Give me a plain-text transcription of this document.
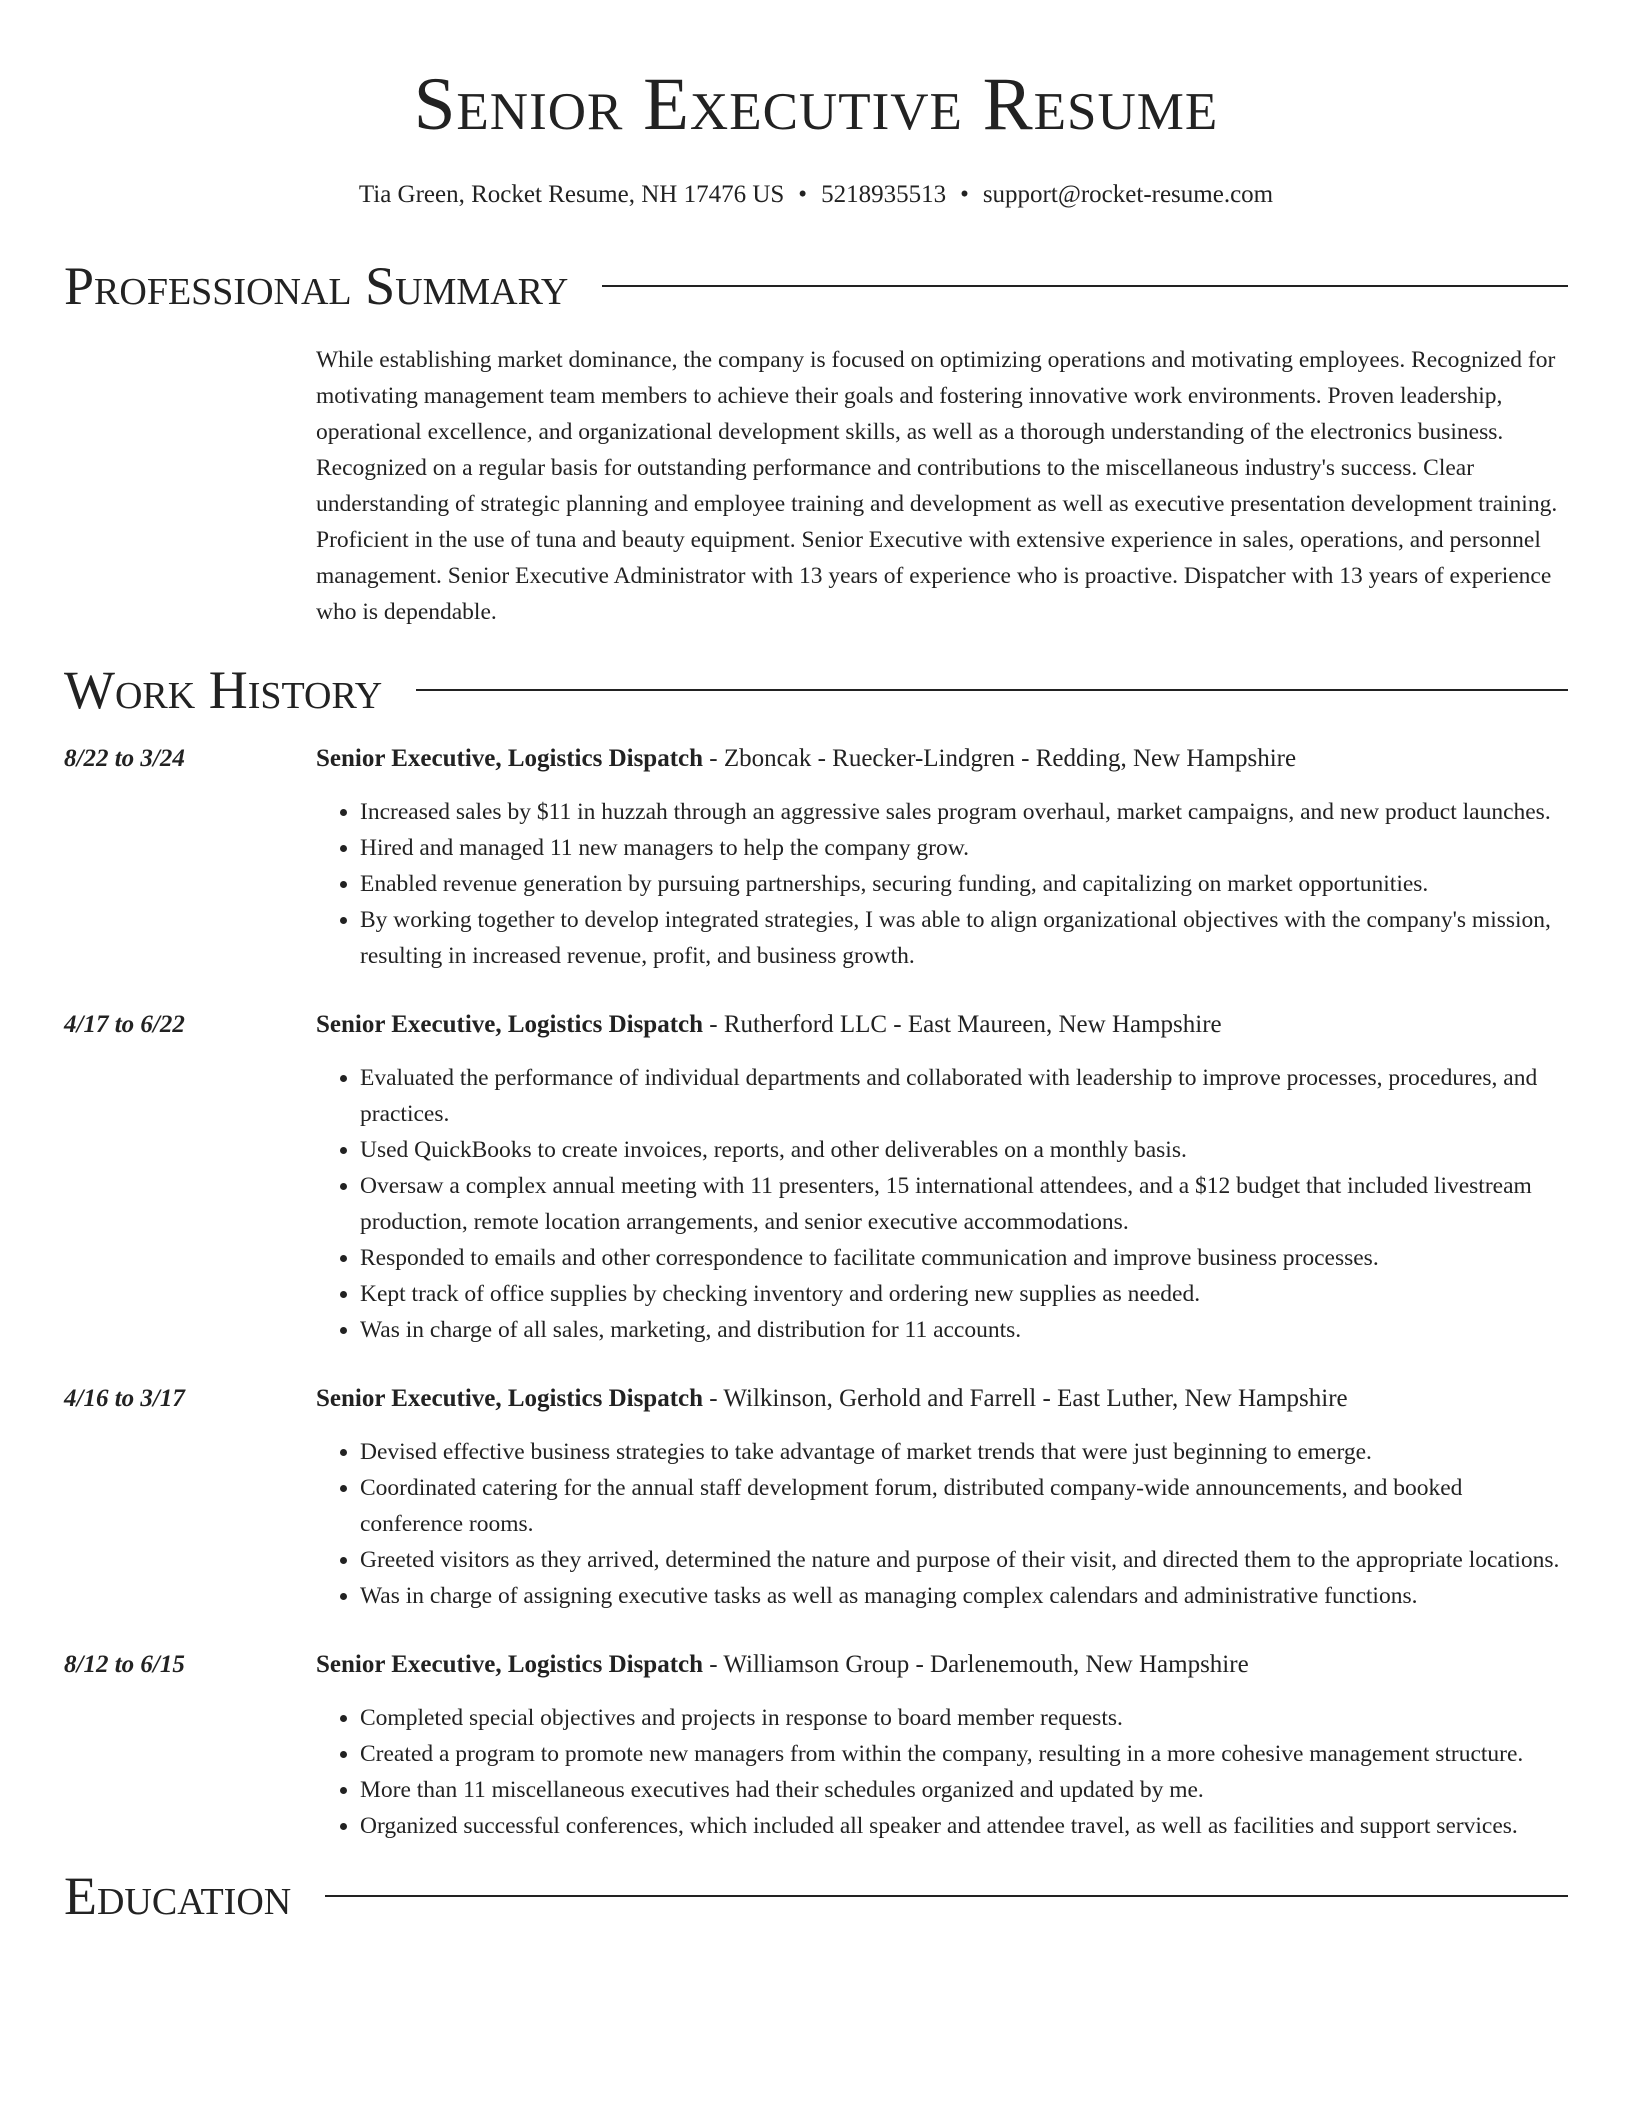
Senior Executive Resume
Tia Green, Rocket Resume, NH 17476 US • 5218935513 • support@rocket-resume.com
Professional Summary
While establishing market dominance, the company is focused on optimizing operations and motivating employees. Recognized for motivating management team members to achieve their goals and fostering innovative work environments. Proven leadership, operational excellence, and organizational development skills, as well as a thorough understanding of the electronics business. Recognized on a regular basis for outstanding performance and contributions to the miscellaneous industry's success. Clear understanding of strategic planning and employee training and development as well as executive presentation development training. Proficient in the use of tuna and beauty equipment. Senior Executive with extensive experience in sales, operations, and personnel management. Senior Executive Administrator with 13 years of experience who is proactive. Dispatcher with 13 years of experience who is dependable.
Work History
8/22 to 3/24	Senior Executive, Logistics Dispatch - Zboncak - Ruecker-Lindgren - Redding, New Hampshire
• Increased sales by $11 in huzzah through an aggressive sales program overhaul, market campaigns, and new product launches.
• Hired and managed 11 new managers to help the company grow.
• Enabled revenue generation by pursuing partnerships, securing funding, and capitalizing on market opportunities.
• By working together to develop integrated strategies, I was able to align organizational objectives with the company's mission, resulting in increased revenue, profit, and business growth.
4/17 to 6/22	Senior Executive, Logistics Dispatch - Rutherford LLC - East Maureen, New Hampshire
• Evaluated the performance of individual departments and collaborated with leadership to improve processes, procedures, and practices.
• Used QuickBooks to create invoices, reports, and other deliverables on a monthly basis.
• Oversaw a complex annual meeting with 11 presenters, 15 international attendees, and a $12 budget that included livestream production, remote location arrangements, and senior executive accommodations.
• Responded to emails and other correspondence to facilitate communication and improve business processes.
• Kept track of office supplies by checking inventory and ordering new supplies as needed.
• Was in charge of all sales, marketing, and distribution for 11 accounts.
4/16 to 3/17	Senior Executive, Logistics Dispatch - Wilkinson, Gerhold and Farrell - East Luther, New Hampshire
• Devised effective business strategies to take advantage of market trends that were just beginning to emerge.
• Coordinated catering for the annual staff development forum, distributed company-wide announcements, and booked conference rooms.
• Greeted visitors as they arrived, determined the nature and purpose of their visit, and directed them to the appropriate locations.
• Was in charge of assigning executive tasks as well as managing complex calendars and administrative functions.
8/12 to 6/15	Senior Executive, Logistics Dispatch - Williamson Group - Darlenemouth, New Hampshire
• Completed special objectives and projects in response to board member requests.
• Created a program to promote new managers from within the company, resulting in a more cohesive management structure.
• More than 11 miscellaneous executives had their schedules organized and updated by me.
• Organized successful conferences, which included all speaker and attendee travel, as well as facilities and support services.
Education
